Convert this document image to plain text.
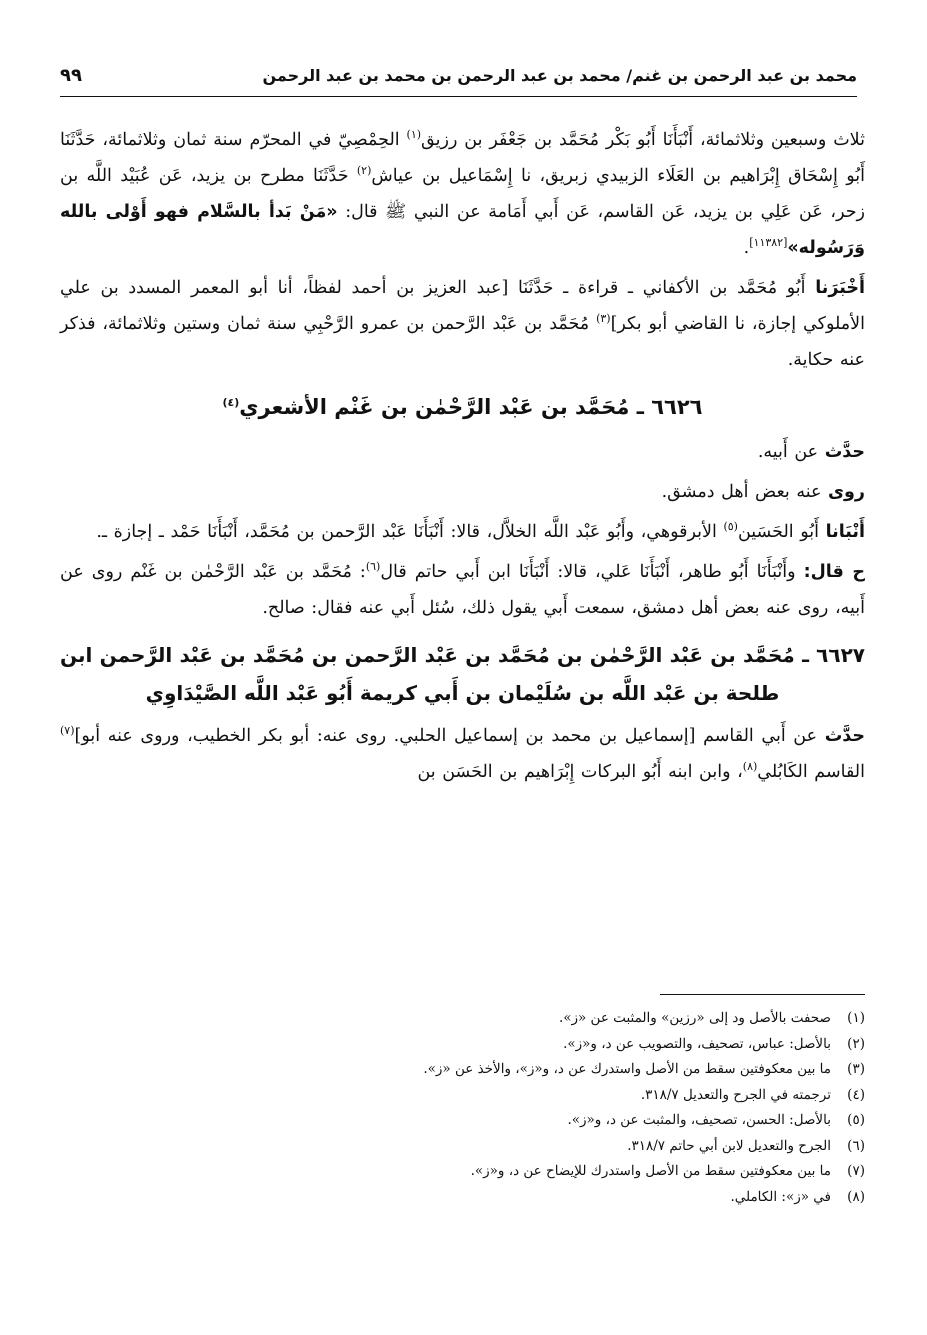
محمد بن عبد الرحمن بن غنم/ محمد بن عبد الرحمن بن محمد بن عبد الرحمن
٩٩

ثلاث وسبعين وثلاثمائة، أَنْبَأَنَا أَبُو بَكْر مُحَمَّد بن جَعْفَر بن رزيق$^{(١)}$ الحِمْصِيّ في المحرّم سنة ثمان وثلاثمائة، حَدَّثَنَا أَبُو إِسْحَاق إِبْرَاهيم بن العَلَاء الزبيدي زبريق، نا إِسْمَاعيل بن عياش$^{(٢)}$ حَدَّثَنَا مطرح بن يزيد، عَن عُبَيْد اللَّه بن زحر، عَن عَلِي بن يزيد، عَن القاسم، عَن أَبي أَمَامة عن النبي ﷺ قال: «مَنْ بَدأ بالسَّلام فهو أَوْلى بالله وَرَسُوله»[١١٣٨٢].

أَخْبَرَنا أَبُو مُحَمَّد بن الأكفاني ـ قراءة ـ حَدَّثَنَا [عبد العزيز بن أحمد لفظاً، أنا أبو المعمر المسدد بن علي الأملوكي إجازة، نا القاضي أبو بكر]$^{(٣)}$ مُحَمَّد بن عَبْد الرَّحمن بن عمرو الرَّحْبِي سنة ثمان وستين وثلاثمائة، فذكر عنه حكاية.

٦٦٢٦ ـ مُحَمَّد بن عَبْد الرَّحْمٰن بن غَنْم الأشعري$^{(٤)}$

حدَّث عن أَبيه.

روى عنه بعض أهل دمشق.

أَنْبَانا أَبُو الحَسَين$^{(٥)}$ الأبرقوهي، وأَبُو عَبْد اللَّه الخلاَّل، قالا: أَنْبَأَنَا عَبْد الرَّحمن بن مُحَمَّد، أَنْبَأَنَا حَمْد ـ إجازة ـ.

ح قال: وأَنْبَأَنَا أَبُو طاهر، أَنْبَأَنَا عَلي، قالا: أَنْبَأَنَا ابن أَبي حاتم قال$^{(٦)}$: مُحَمَّد بن عَبْد الرَّحْمٰن بن غَنْم روى عن أَبيه، روى عنه بعض أهل دمشق، سمعت أَبي يقول ذلك، سُئل أَبي عنه فقال: صالح.

٦٦٢٧ ـ مُحَمَّد بن عَبْد الرَّحْمٰن بن مُحَمَّد بن عَبْد الرَّحمن بن مُحَمَّد بن عَبْد الرَّحمن ابن طلحة بن عَبْد اللَّه بن سُلَيْمان بن أَبي كريمة أَبُو عَبْد اللَّه الصَّيْدَاوِي

حدَّث عن أَبي القاسم [إسماعيل بن محمد بن إسماعيل الحلبي. روى عنه: أبو بكر الخطيب، وروى عنه أبو]$^{(٧)}$ القاسم الكَابُلي$^{(٨)}$، وابن ابنه أَبُو البركات إِبْرَاهيم بن الحَسَن بن

(١)
صحفت بالأصل ود إلى «رزين» والمثبت عن «ز».
(٢)
بالأصل: عباس، تصحيف، والتصويب عن د، و«ز».
(٣)
ما بين معكوفتين سقط من الأصل واستدرك عن د، و«ز»، والأخذ عن «ز».
(٤)
ترجمته في الجرح والتعديل ٣١٨/٧.
(٥)
بالأصل: الحسن، تصحيف، والمثبت عن د، و«ز».
(٦)
الجرح والتعديل لابن أبي حاتم ٣١٨/٧.
(٧)
ما بين معكوفتين سقط من الأصل واستدرك للإيضاح عن د، و«ز».
(٨)
في «ز»: الكاملي.
